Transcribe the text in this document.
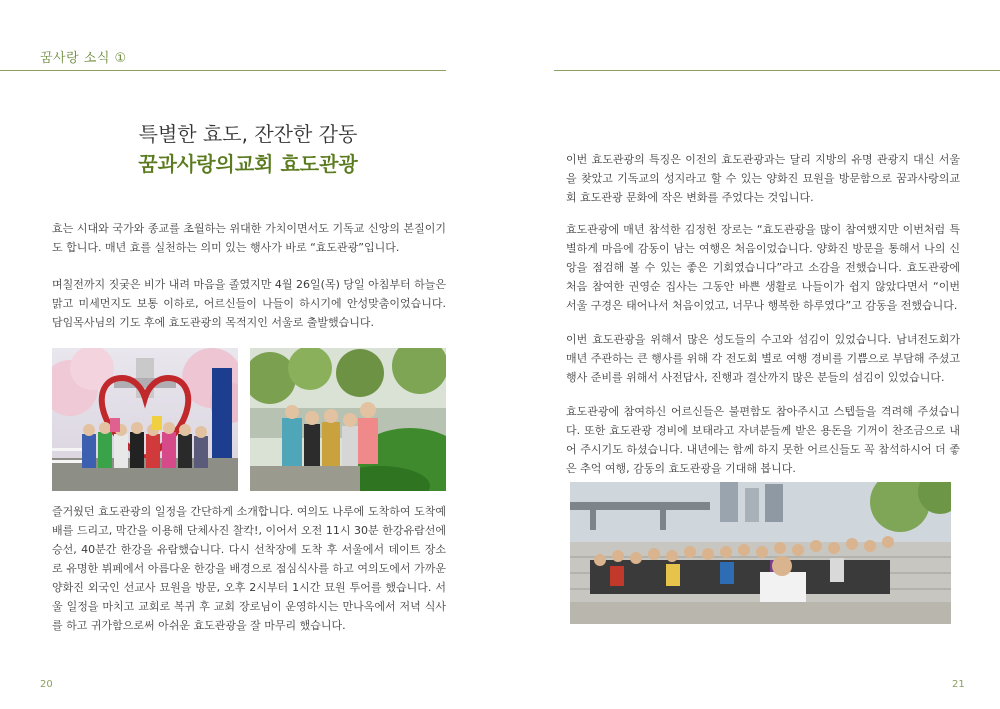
꿈사랑 소식 ①
특별한 효도, 잔잔한 감동
꿈과사랑의교회 효도관광
효는 시대와 국가와 종교를 초월하는 위대한 가치이면서도 기독교 신앙의 본질이기도 합니다. 매년 효를 실천하는 의미 있는 행사가 바로 “효도관광”입니다.
며칠전까지 짓궂은 비가 내려 마음을 졸였지만 4월 26일(목) 당일 아침부터 하늘은 맑고 미세먼지도 보통 이하로, 어르신들이 나들이 하시기에 안성맞춤이었습니다. 담임목사님의 기도 후에 효도관광의 목적지인 서울로 출발했습니다.
즐거웠던 효도관광의 일정을 간단하게 소개합니다. 여의도 나루에 도착하여 도착예배를 드리고, 막간을 이용해 단체사진 찰칵!, 이어서 오전 11시 30분 한강유람선에 승선, 40분간 한강을 유람했습니다. 다시 선착장에 도착 후 서울에서 데이트 장소로 유명한 뷔페에서 아름다운 한강을 배경으로 점심식사를 하고 여의도에서 가까운 양화진 외국인 선교사 묘원을 방문, 오후 2시부터 1시간 묘원 투어를 했습니다. 서울 일정을 마치고 교회로 복귀 후 교회 장로님이 운영하시는 만나옥에서 저녁 식사를 하고 귀가함으로써 아쉬운 효도관광을 잘 마무리 했습니다.
이번 효도관광의 특징은 이전의 효도관광과는 달리 지방의 유명 관광지 대신 서울을 찾았고 기독교의 성지라고 할 수 있는 양화진 묘원을 방문함으로 꿈과사랑의교회 효도관광 문화에 작은 변화를 주었다는 것입니다.
효도관광에 매년 참석한 김정헌 장로는 “효도관광을 많이 참여했지만 이번처럼 특별하게 마음에 감동이 남는 여행은 처음이었습니다. 양화진 방문을 통해서 나의 신앙을 점검해 볼 수 있는 좋은 기회였습니다”라고 소감을 전했습니다. 효도관광에 처음 참여한 권영순 집사는 그동안 바쁜 생활로 나들이가 쉽지 않았다면서 “이번 서울 구경은 태어나서 처음이었고, 너무나 행복한 하루였다”고 감동을 전했습니다.
이번 효도관광을 위해서 많은 성도들의 수고와 섬김이 있었습니다. 남녀전도회가 매년 주관하는 큰 행사를 위해 각 전도회 별로 여행 경비를 기쁨으로 부담해 주셨고 행사 준비를 위해서 사전답사, 진행과 결산까지 많은 분들의 섬김이 있었습니다.
효도관광에 참여하신 어르신들은 불편함도 참아주시고 스텝들을 격려해 주셨습니다. 또한 효도관광 경비에 보태라고 자녀분들께 받은 용돈을 기꺼이 찬조금으로 내어 주시기도 하셨습니다. 내년에는 함께 하지 못한 어르신들도 꼭 참석하시어 더 좋은 추억 여행, 감동의 효도관광을 기대해 봅니다.
20	21
